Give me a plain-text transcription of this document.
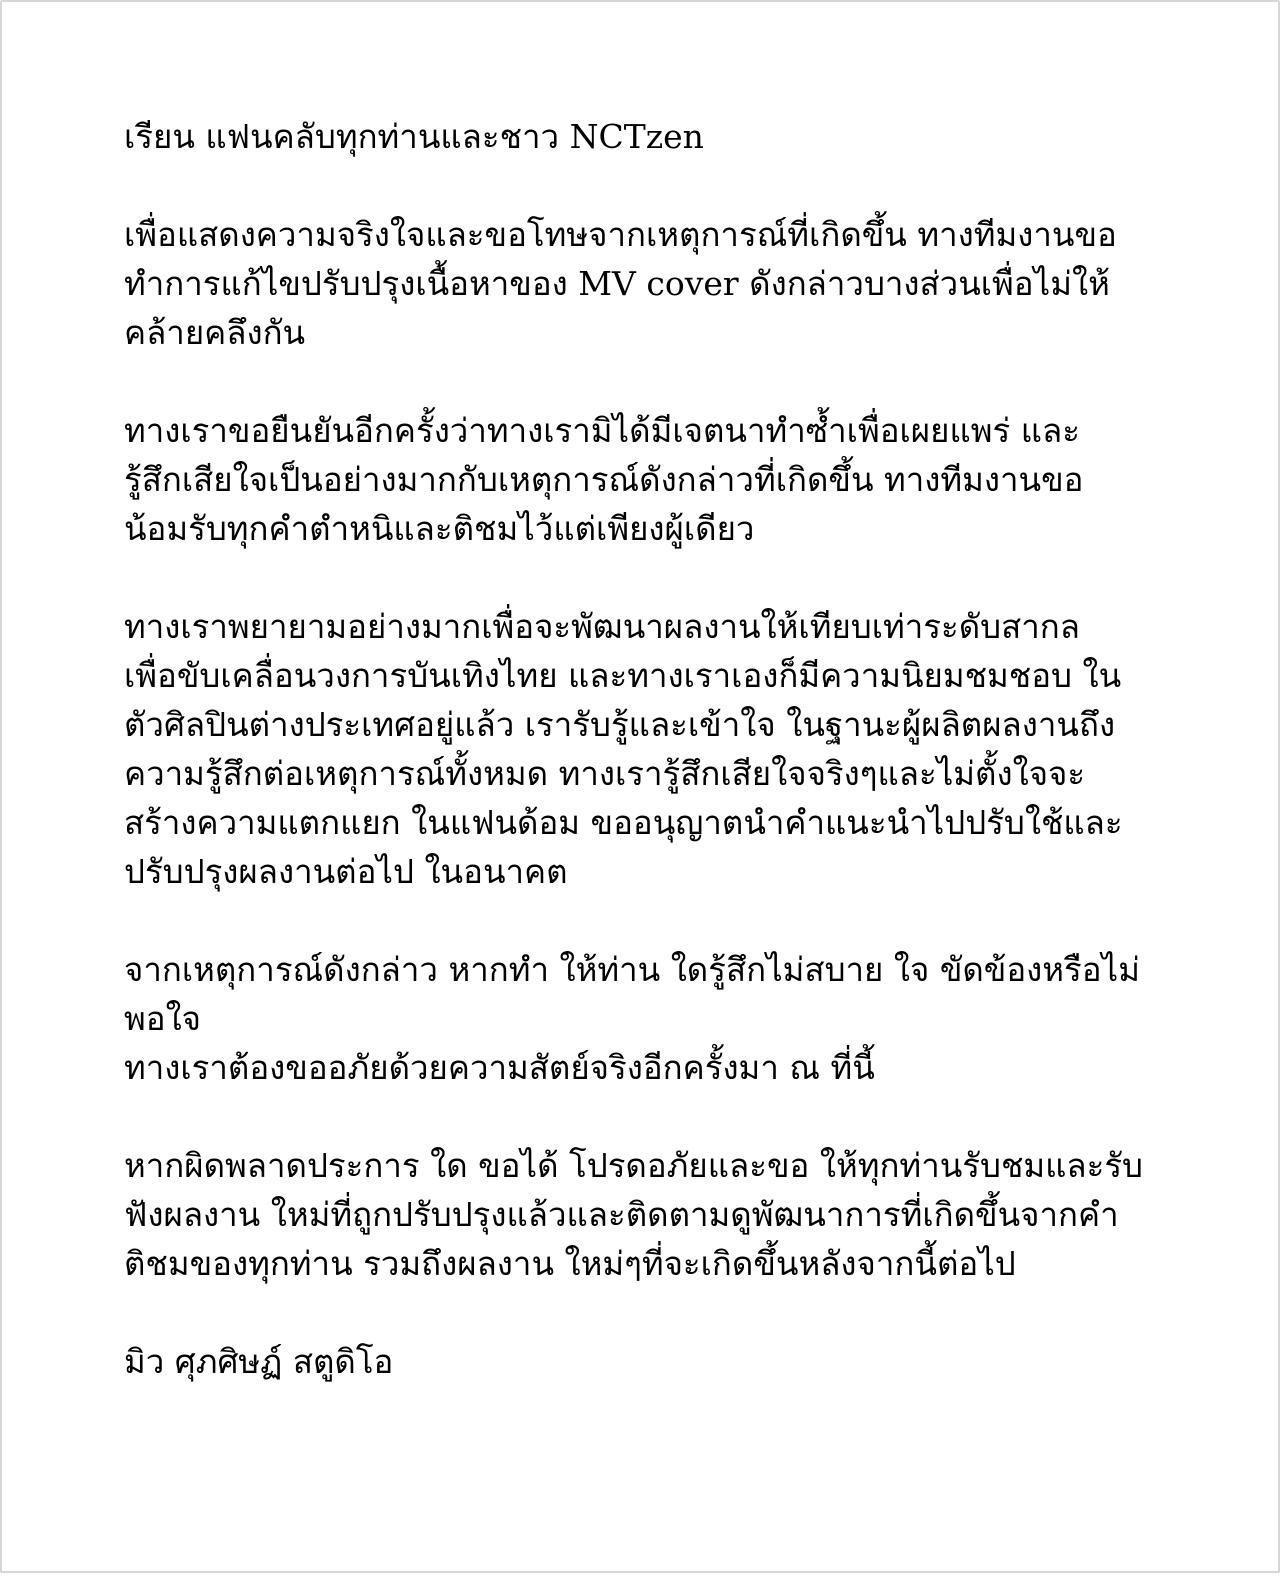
เรียน แฟนคลับทุกท่านและชาว NCTzen

เพื่อแสดงความจริงใจและขอโทษจากเหตุการณ์ที่เกิดขึ้น ทางทีมงานขอ
ทำการแก้ไขปรับปรุงเนื้อหาของ MV cover ดังกล่าวบางส่วนเพื่อไม่ให้
คล้ายคลึงกัน

ทางเราขอยืนยันอีกครั้งว่าทางเรามิได้มีเจตนาทำซ้ำเพื่อเผยแพร่ และ
รู้สึกเสียใจเป็นอย่างมากกับเหตุการณ์ดังกล่าวที่เกิดขึ้น ทางทีมงานขอ
น้อมรับทุกคำตำหนิและติชมไว้แต่เพียงผู้เดียว

ทางเราพยายามอย่างมากเพื่อจะพัฒนาผลงานให้เทียบเท่าระดับสากล
เพื่อขับเคลื่อนวงการบันเทิงไทย และทางเราเองก็มีความนิยมชมชอบ ใน
ตัวศิลปินต่างประเทศอยู่แล้ว เรารับรู้และเข้าใจ ในฐานะผู้ผลิตผลงานถึง
ความรู้สึกต่อเหตุการณ์ทั้งหมด ทางเรารู้สึกเสียใจจริงๆและไม่ตั้งใจจะ
สร้างความแตกแยก ในแฟนด้อม ขออนุญาตนำคำแนะนำไปปรับใช้และ
ปรับปรุงผลงานต่อไป ในอนาคต

จากเหตุการณ์ดังกล่าว หากทำ ให้ท่าน ใดรู้สึกไม่สบาย ใจ ขัดข้องหรือไม่
พอใจ
ทางเราต้องขออภัยด้วยความสัตย์จริงอีกครั้งมา ณ ที่นี้

หากผิดพลาดประการ ใด ขอได้ โปรดอภัยและขอ ให้ทุกท่านรับชมและรับ
ฟังผลงาน ใหม่ที่ถูกปรับปรุงแล้วและติดตามดูพัฒนาการที่เกิดขึ้นจากคำ
ติชมของทุกท่าน รวมถึงผลงาน ใหม่ๆที่จะเกิดขึ้นหลังจากนี้ต่อไป

มิว ศุภศิษฏ์ สตูดิโอ
